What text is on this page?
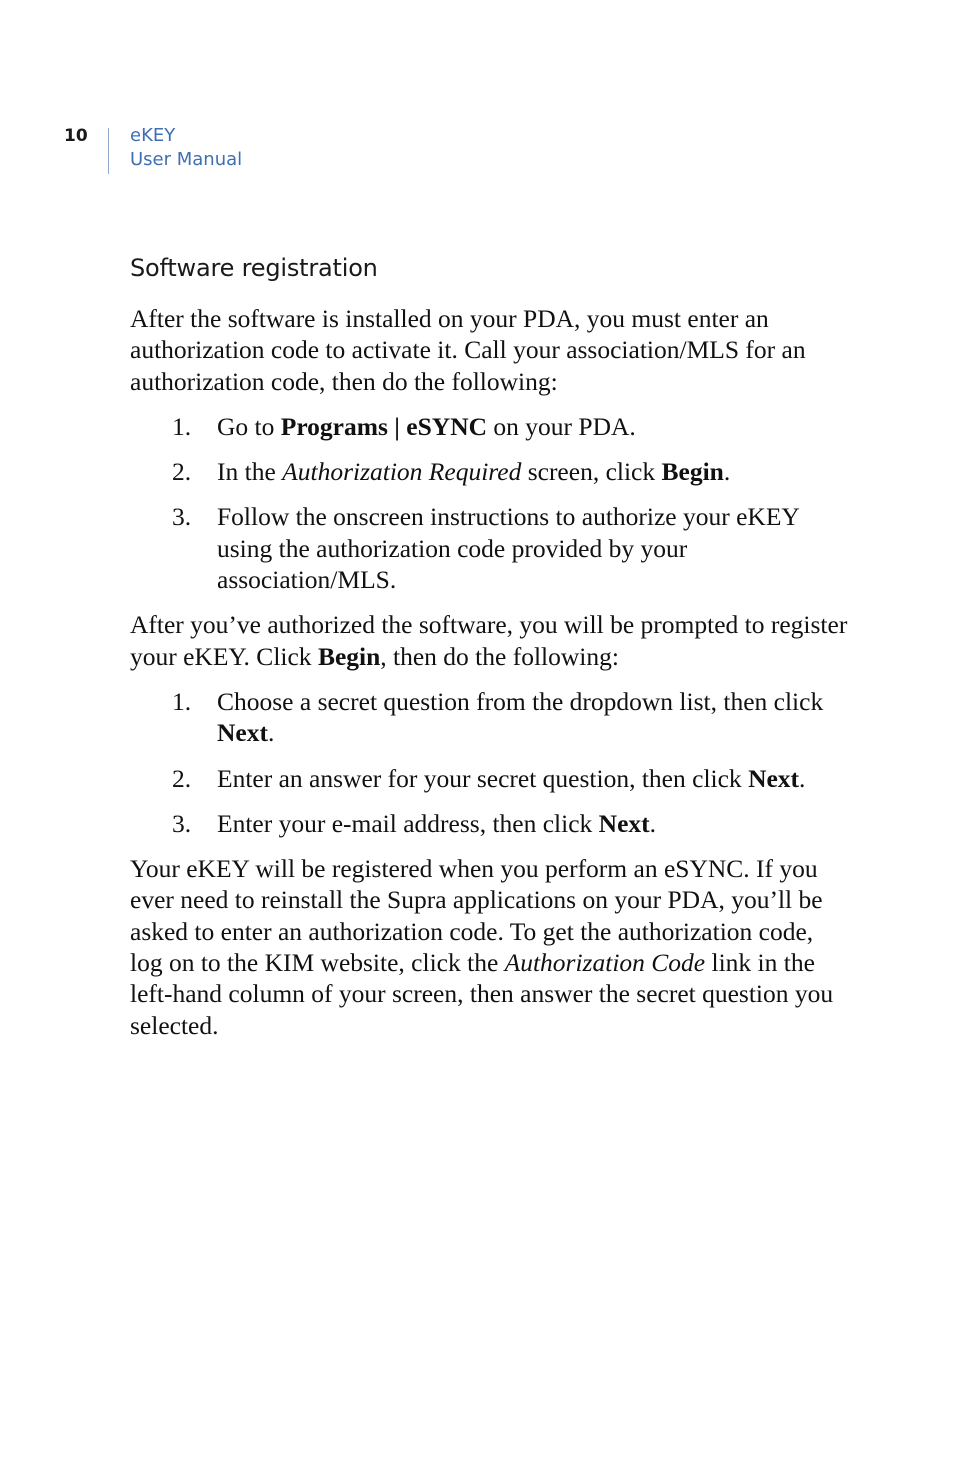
10 eKEY
User Manual
Software registration

After the software is installed on your PDA, you must enter an authorization code to activate it. Call your association/MLS for an authorization code, then do the following:

1. Go to Programs | eSYNC on your PDA.
2. In the Authorization Required screen, click Begin.
3. Follow the onscreen instructions to authorize your eKEY using the authorization code provided by your association/MLS.

After you’ve authorized the software, you will be prompted to register your eKEY. Click Begin, then do the following:

1. Choose a secret question from the dropdown list, then click Next.
2. Enter an answer for your secret question, then click Next.
3. Enter your e-mail address, then click Next.

Your eKEY will be registered when you perform an eSYNC. If you ever need to reinstall the Supra applications on your PDA, you’ll be asked to enter an authorization code. To get the authorization code, log on to the KIM website, click the Authorization Code link in the left-hand column of your screen, then answer the secret question you selected.
